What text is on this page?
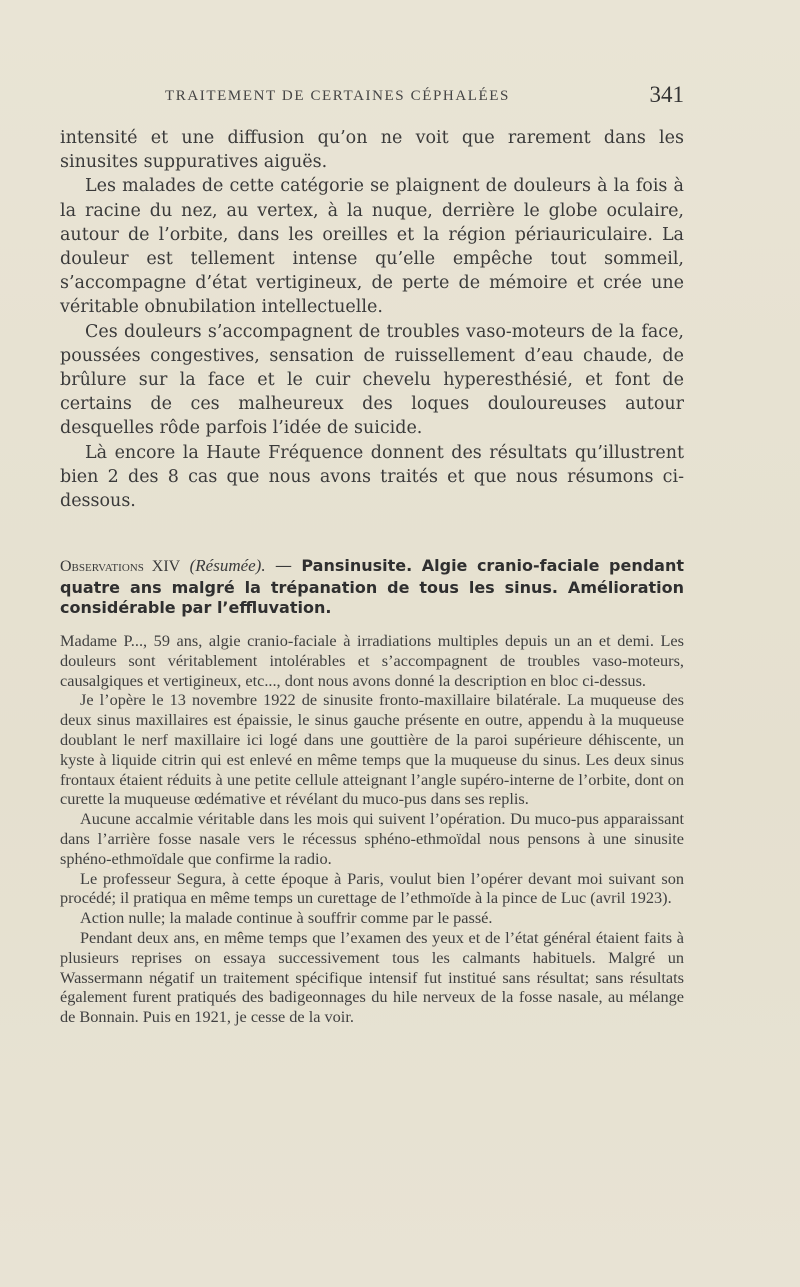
TRAITEMENT DE CERTAINES CÉPHALÉES	341

intensité et une diffusion qu’on ne voit que rarement dans les sinusites suppuratives aiguës.

Les malades de cette catégorie se plaignent de douleurs à la fois à la racine du nez, au vertex, à la nuque, derrière le globe oculaire, autour de l’orbite, dans les oreilles et la région périauriculaire. La douleur est tellement intense qu’elle empêche tout sommeil, s’accompagne d’état vertigineux, de perte de mémoire et crée une véritable obnubilation intellectuelle.

Ces douleurs s’accompagnent de troubles vaso-moteurs de la face, poussées congestives, sensation de ruissellement d’eau chaude, de brûlure sur la face et le cuir chevelu hyperesthésié, et font de certains de ces malheureux des loques douloureuses autour desquelles rôde parfois l’idée de suicide.

Là encore la Haute Fréquence donnent des résultats qu’illustrent bien 2 des 8 cas que nous avons traités et que nous résumons ci-dessous.

Observations XIV (Résumée). — Pansinusite. Algie cranio-faciale pendant quatre ans malgré la trépanation de tous les sinus. Amélioration considérable par l’effluvation.

Madame P..., 59 ans, algie cranio-faciale à irradiations multiples depuis un an et demi. Les douleurs sont véritablement intolérables et s’accompagnent de troubles vaso-moteurs, causalgiques et vertigineux, etc..., dont nous avons donné la description en bloc ci-dessus.

Je l’opère le 13 novembre 1922 de sinusite fronto-maxillaire bilatérale. La muqueuse des deux sinus maxillaires est épaissie, le sinus gauche présente en outre, appendu à la muqueuse doublant le nerf maxillaire ici logé dans une gouttière de la paroi supérieure déhiscente, un kyste à liquide citrin qui est enlevé en même temps que la muqueuse du sinus. Les deux sinus frontaux étaient réduits à une petite cellule atteignant l’angle supéro-interne de l’orbite, dont on curette la muqueuse œdémative et révélant du muco-pus dans ses replis.

Aucune accalmie véritable dans les mois qui suivent l’opération. Du muco-pus apparaissant dans l’arrière fosse nasale vers le récessus sphéno-ethmoïdal nous pensons à une sinusite sphéno-ethmoïdale que confirme la radio.

Le professeur Segura, à cette époque à Paris, voulut bien l’opérer devant moi suivant son procédé; il pratiqua en même temps un curettage de l’ethmoïde à la pince de Luc (avril 1923).

Action nulle; la malade continue à souffrir comme par le passé.

Pendant deux ans, en même temps que l’examen des yeux et de l’état général étaient faits à plusieurs reprises on essaya successivement tous les calmants habituels. Malgré un Wassermann négatif un traitement spécifique intensif fut institué sans résultat; sans résultats également furent pratiqués des badigeonnages du hile nerveux de la fosse nasale, au mélange de Bonnain. Puis en 1921, je cesse de la voir.
